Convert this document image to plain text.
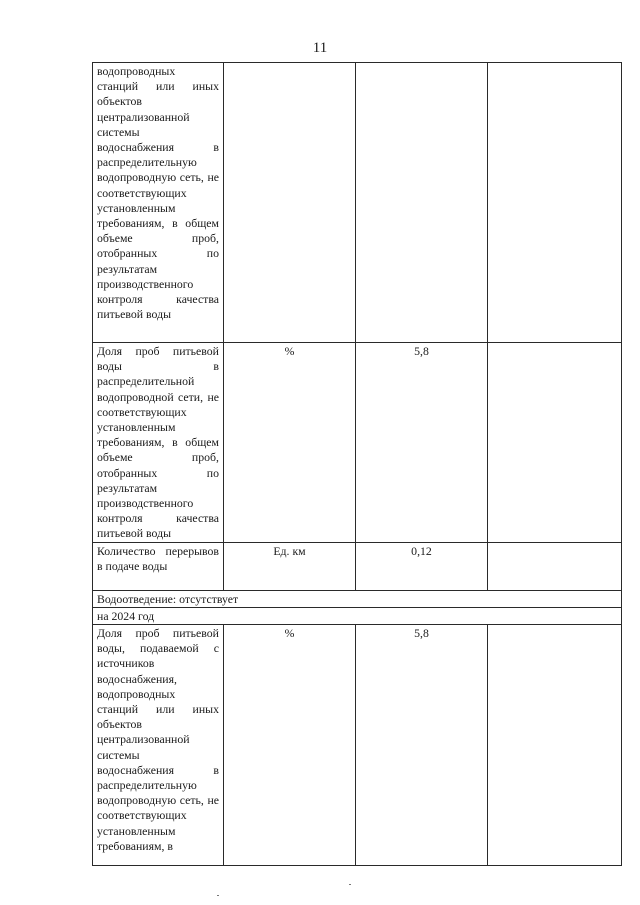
11
водопроводных станций или иных объектов централизованной системы водоснабжения в распределительную водопроводную сеть, не соответствующих установленным требованиям, в общем объеме проб, отобранных по результатам производственного контроля качества питьевой воды			
Доля проб питьевой воды в распределительной водопроводной сети, не соответствующих установленным требованиям, в общем объеме проб, отобранных по результатам производственного контроля качества питьевой воды	%	5,8	
Количество перерывов в подаче воды	Ед. км	0,12	
Водоотведение: отсутствует			
на 2024 год			
Доля проб питьевой воды, подаваемой с источников водоснабжения, водопроводных станций или иных объектов централизованной системы водоснабжения в распределительную водопроводную сеть, не соответствующих установленным требованиям, в	%	5,8	
